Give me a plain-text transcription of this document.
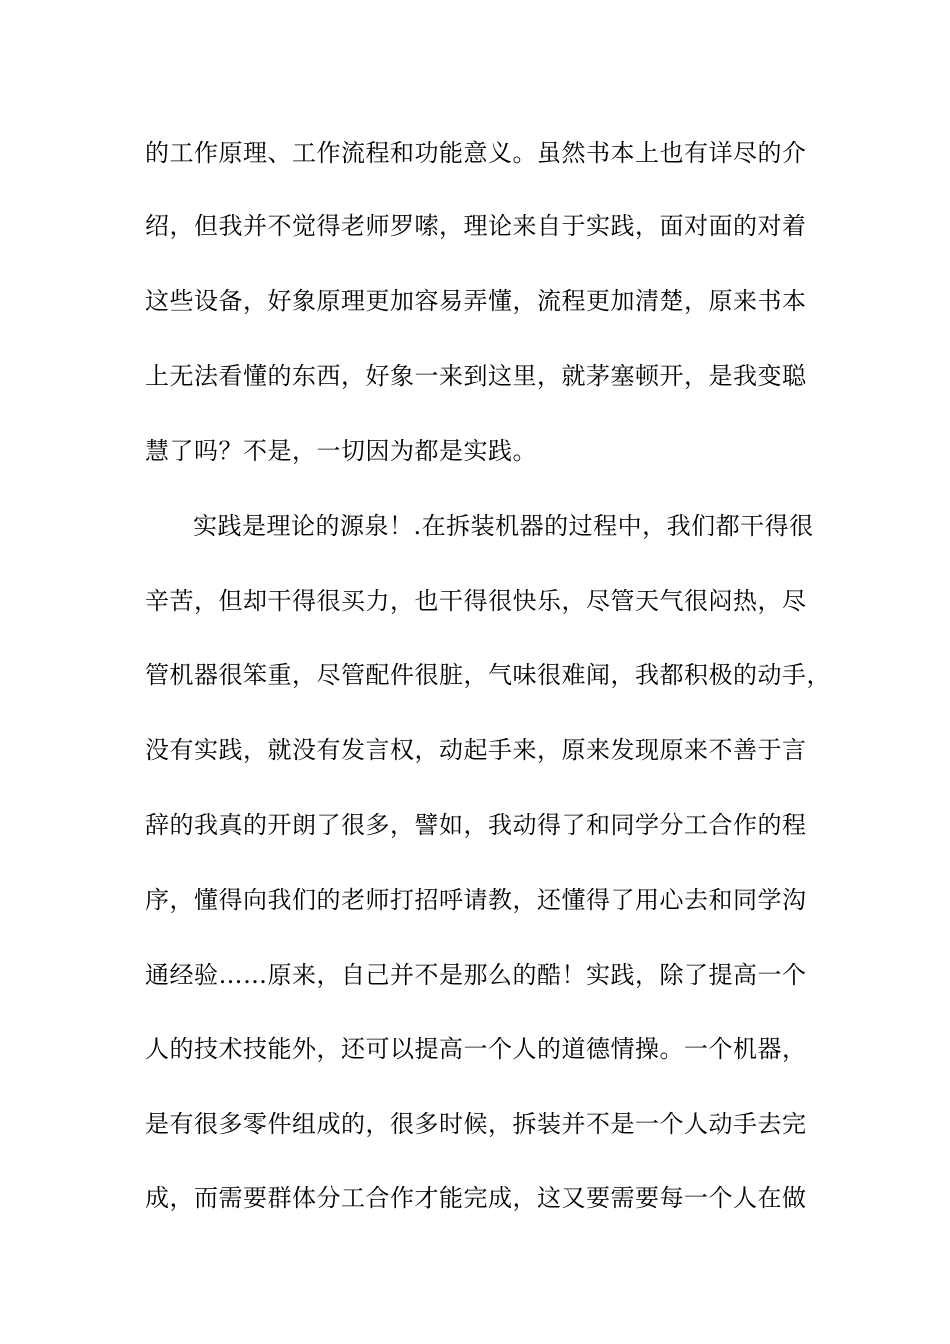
的工作原理、工作流程和功能意义。虽然书本上也有详尽的介
绍，但我并不觉得老师罗嗦，理论来自于实践，面对面的对着
这些设备，好象原理更加容易弄懂，流程更加清楚，原来书本
上无法看懂的东西，好象一来到这里，就茅塞顿开，是我变聪
慧了吗？不是，一切因为都是实践。
实践是理论的源泉！.在拆装机器的过程中，我们都干得很
辛苦，但却干得很买力，也干得很快乐，尽管天气很闷热，尽
管机器很笨重，尽管配件很脏，气味很难闻，我都积极的动手，
没有实践，就没有发言权，动起手来，原来发现原来不善于言
辞的我真的开朗了很多，譬如，我动得了和同学分工合作的程
序，懂得向我们的老师打招呼请教，还懂得了用心去和同学沟
通经验……原来，自己并不是那么的酷！实践，除了提高一个
人的技术技能外，还可以提高一个人的道德情操。一个机器，
是有很多零件组成的，很多时候，拆装并不是一个人动手去完
成，而需要群体分工合作才能完成，这又要需要每一个人在做
